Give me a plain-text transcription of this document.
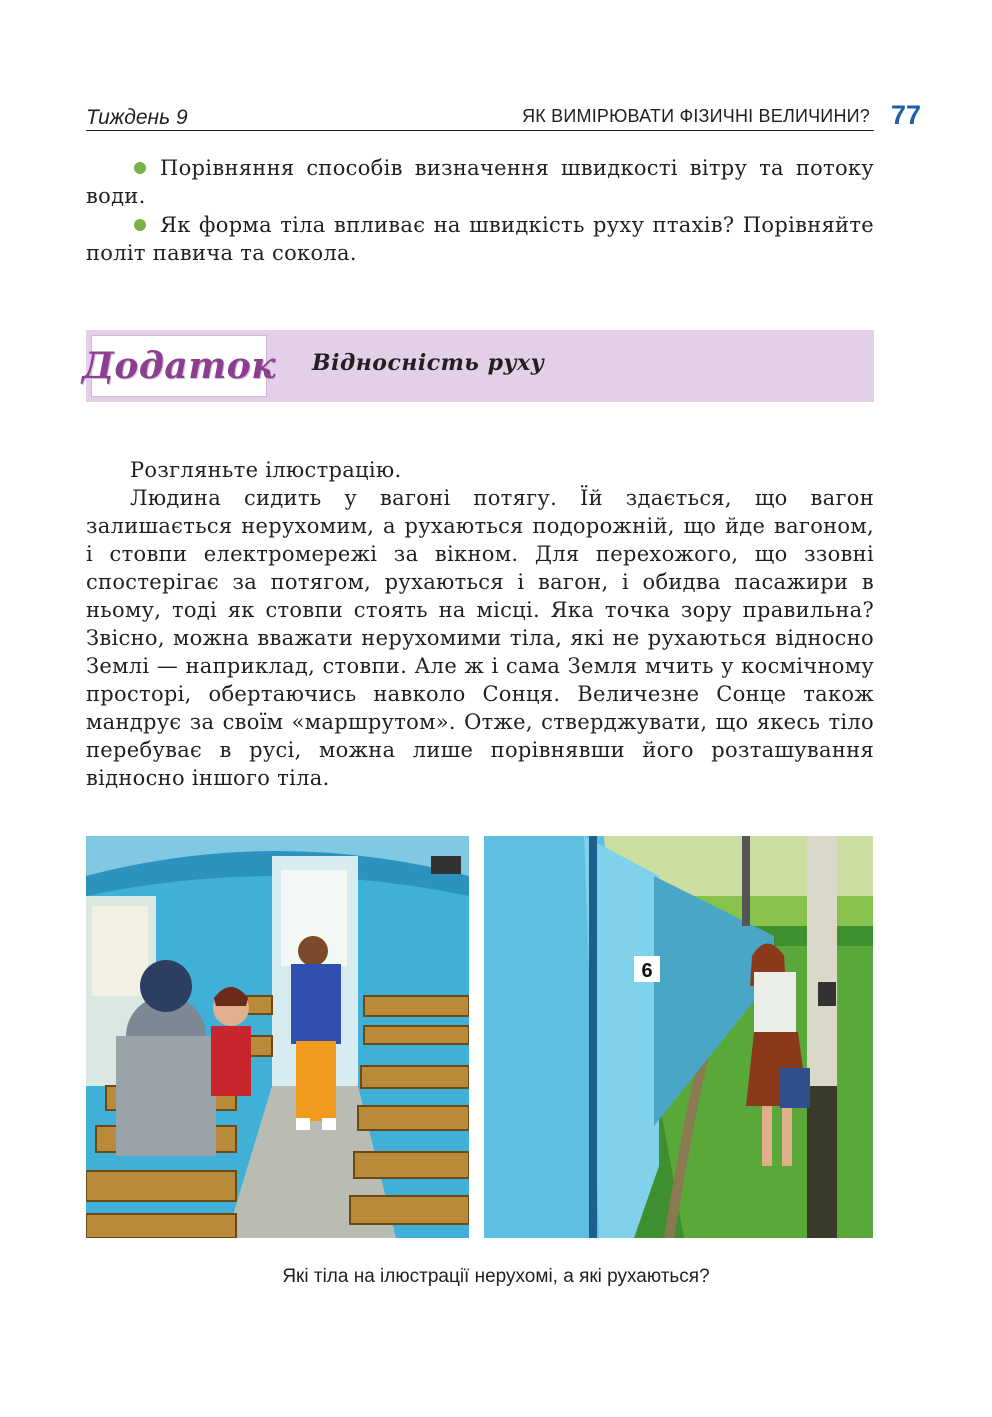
Тиждень 9	ЯК ВИМІРЮВАТИ ФІЗИЧНІ ВЕЛИЧИНИ? 77
Порівняння способів визначення швидкості вітру та потоку води.
Як форма тіла впливає на швидкість руху птахів? Порівняйте політ павича та сокола.
Додаток Відносність руху

Розгляньте ілюстрацію.

Людина сидить у вагоні потягу. Їй здається, що вагон залишається нерухомим, а рухаються подорожній, що йде вагоном, і стовпи електромережі за вікном. Для перехожого, що ззовні спостерігає за потягом, рухаються і вагон, і обидва пасажири в ньому, тоді як стовпи стоять на місці. Яка точка зору правильна? Звісно, можна вважати нерухомими тіла, які не рухаються відносно Землі — наприклад, стовпи. Але ж і сама Земля мчить у космічному просторі, обертаючись навколо Сонця. Величезне Сонце також мандрує за своїм «маршрутом». Отже, стверджувати, що якесь тіло перебуває в русі, можна лише порівнявши його розташування відносно іншого тіла.

6
Які тіла на ілюстрації нерухомі, а які рухаються?
